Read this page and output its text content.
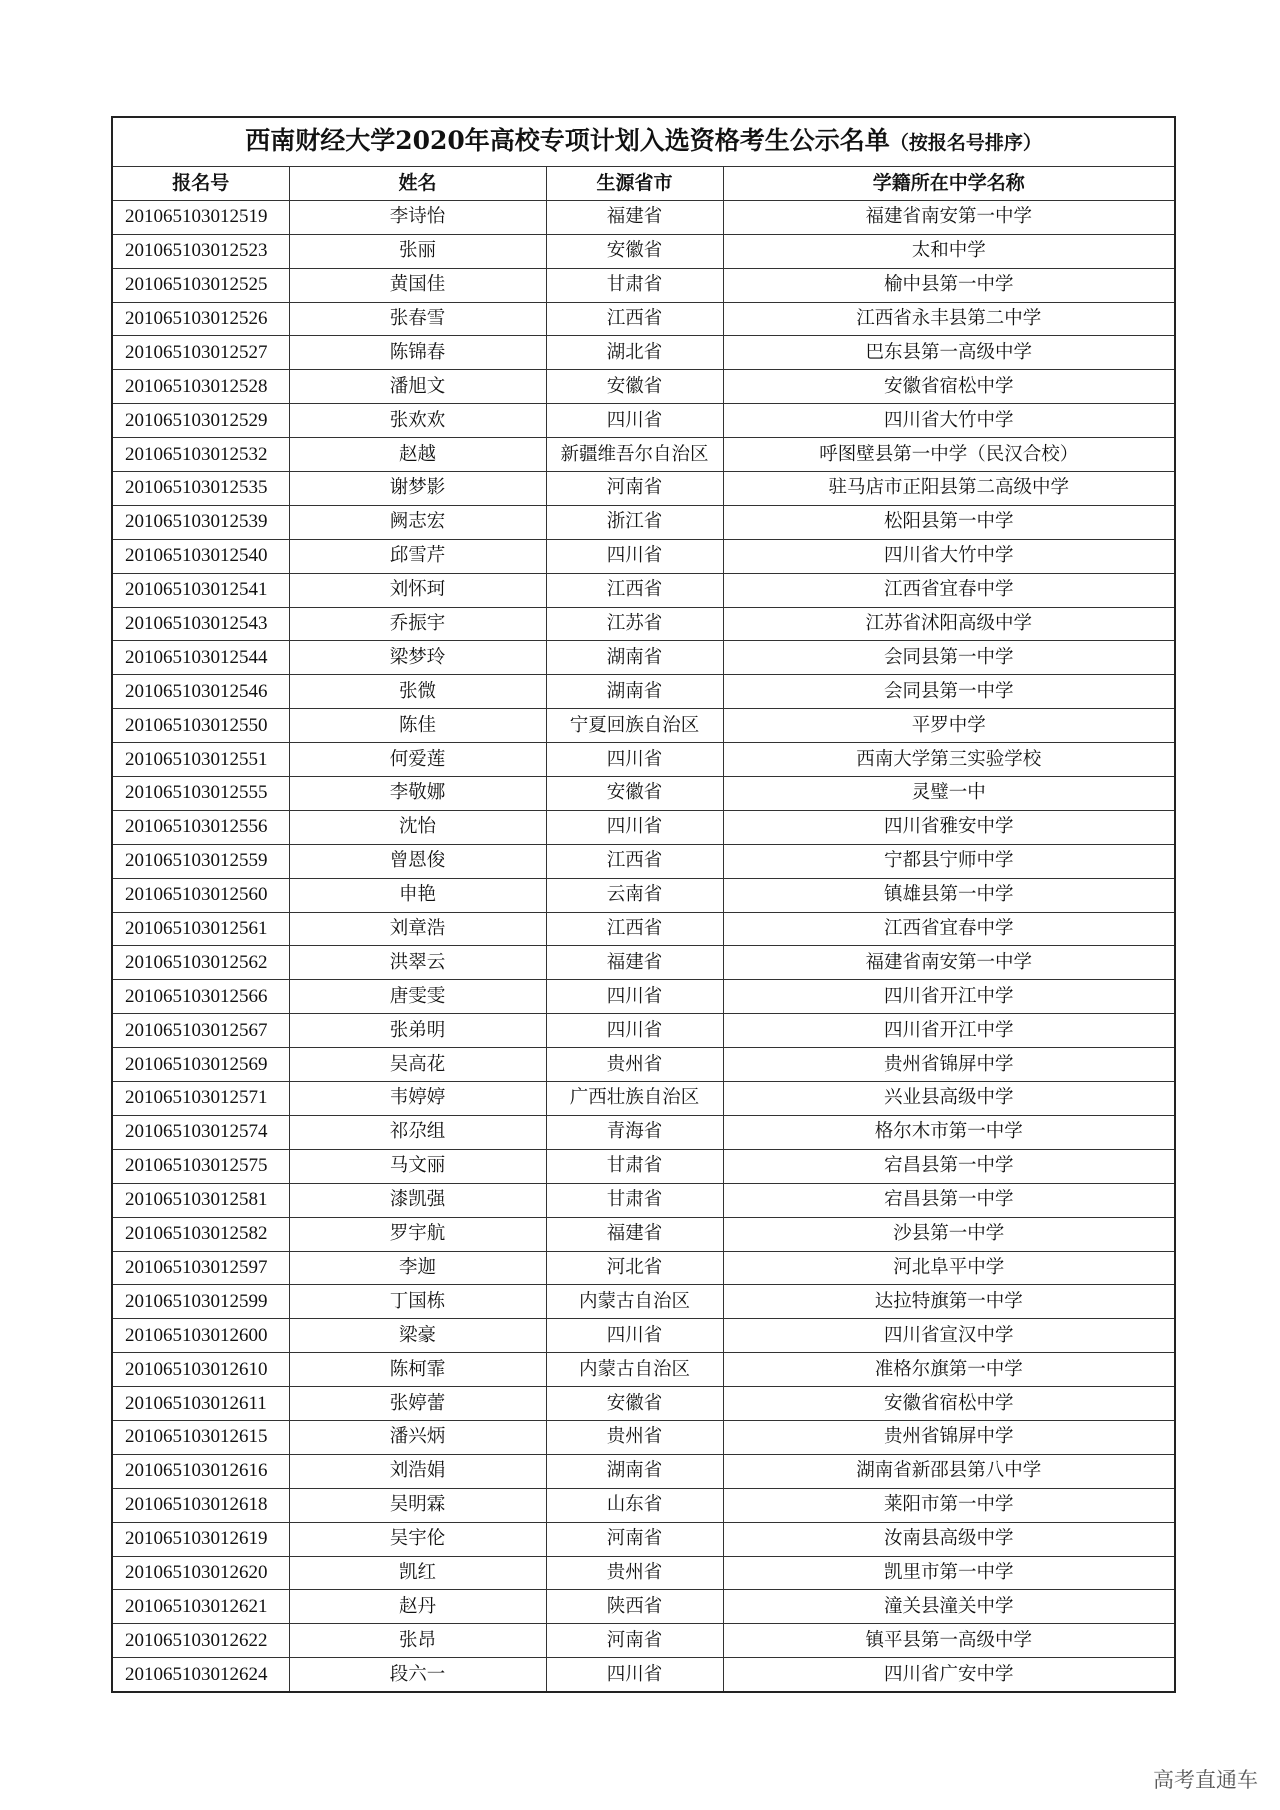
西南财经大学2020年高校专项计划入选资格考生公示名单（按报名号排序）			
报名号	姓名	生源省市	学籍所在中学名称
201065103012519	李诗怡	福建省	福建省南安第一中学
201065103012523	张丽	安徽省	太和中学
201065103012525	黄国佳	甘肃省	榆中县第一中学
201065103012526	张春雪	江西省	江西省永丰县第二中学
201065103012527	陈锦春	湖北省	巴东县第一高级中学
201065103012528	潘旭文	安徽省	安徽省宿松中学
201065103012529	张欢欢	四川省	四川省大竹中学
201065103012532	赵越	新疆维吾尔自治区	呼图壁县第一中学（民汉合校）
201065103012535	谢梦影	河南省	驻马店市正阳县第二高级中学
201065103012539	阙志宏	浙江省	松阳县第一中学
201065103012540	邱雪芹	四川省	四川省大竹中学
201065103012541	刘怀珂	江西省	江西省宜春中学
201065103012543	乔振宇	江苏省	江苏省沭阳高级中学
201065103012544	梁梦玲	湖南省	会同县第一中学
201065103012546	张微	湖南省	会同县第一中学
201065103012550	陈佳	宁夏回族自治区	平罗中学
201065103012551	何爱莲	四川省	西南大学第三实验学校
201065103012555	李敬娜	安徽省	灵璧一中
201065103012556	沈怡	四川省	四川省雅安中学
201065103012559	曾恩俊	江西省	宁都县宁师中学
201065103012560	申艳	云南省	镇雄县第一中学
201065103012561	刘章浩	江西省	江西省宜春中学
201065103012562	洪翠云	福建省	福建省南安第一中学
201065103012566	唐雯雯	四川省	四川省开江中学
201065103012567	张弟明	四川省	四川省开江中学
201065103012569	吴高花	贵州省	贵州省锦屏中学
201065103012571	韦婷婷	广西壮族自治区	兴业县高级中学
201065103012574	祁尕组	青海省	格尔木市第一中学
201065103012575	马文丽	甘肃省	宕昌县第一中学
201065103012581	漆凯强	甘肃省	宕昌县第一中学
201065103012582	罗宇航	福建省	沙县第一中学
201065103012597	李迦	河北省	河北阜平中学
201065103012599	丁国栋	内蒙古自治区	达拉特旗第一中学
201065103012600	梁豪	四川省	四川省宣汉中学
201065103012610	陈柯霏	内蒙古自治区	准格尔旗第一中学
201065103012611	张婷蕾	安徽省	安徽省宿松中学
201065103012615	潘兴炳	贵州省	贵州省锦屏中学
201065103012616	刘浩娟	湖南省	湖南省新邵县第八中学
201065103012618	吴明霖	山东省	莱阳市第一中学
201065103012619	吴宇伦	河南省	汝南县高级中学
201065103012620	凯红	贵州省	凯里市第一中学
201065103012621	赵丹	陕西省	潼关县潼关中学
201065103012622	张昂	河南省	镇平县第一高级中学
201065103012624	段六一	四川省	四川省广安中学
高考直通车
